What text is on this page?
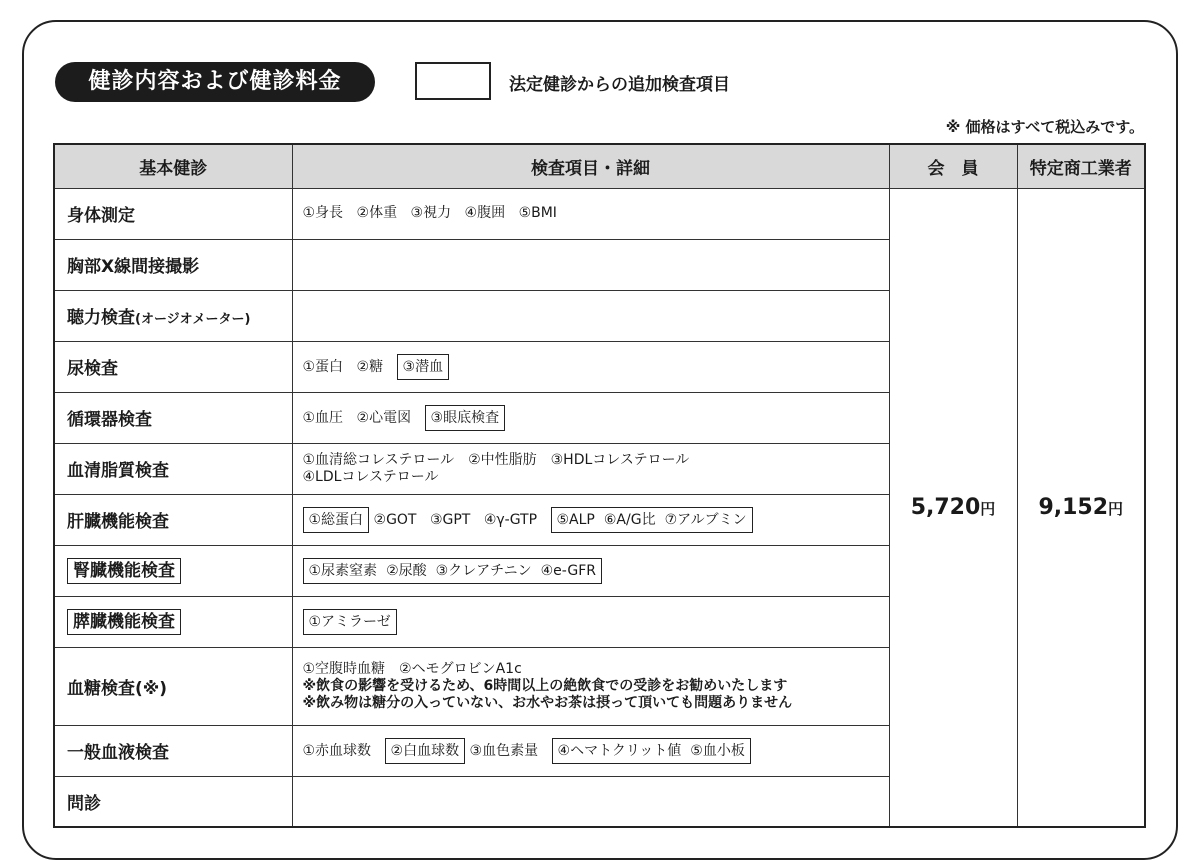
健診内容および健診料金	法定健診からの追加検査項目
※ 価格はすべて税込みです。
基本健診	検査項目・詳細	会　員	特定商工業者
身体測定	①身長 ②体重 ③視力 ④腹囲 ⑤BMI	5,720円	9,152円
胸部X線間接撮影			
聴力検査(オージオメーター)			
尿検査	①蛋白 ②糖 ③潜血		
循環器検査	①血圧 ②心電図 ③眼底検査		
血清脂質検査	①血清総コレステロール　②中性脂肪　③HDLコレステロール
④LDLコレステロール		

肝臓機能検査	①総蛋白 ②GOT ③GPT ④γ-GTP ⑤ALP ⑥A/G比 ⑦アルブミン		
腎臓機能検査	①尿素窒素 ②尿酸 ③クレアチニン ④e-GFR		
膵臓機能検査	①アミラーゼ		
血糖検査(※)	①空腹時血糖　②ヘモグロビンA1c
※飲食の影響を受けるため、6時間以上の絶飲食での受診をお勧めいたします
※飲み物は糖分の入っていない、お水やお茶は摂って頂いても問題ありません		

一般血液検査	①赤血球数 ②白血球数 ③血色素量 ④ヘマトクリット値 ⑤血小板		
問診			
